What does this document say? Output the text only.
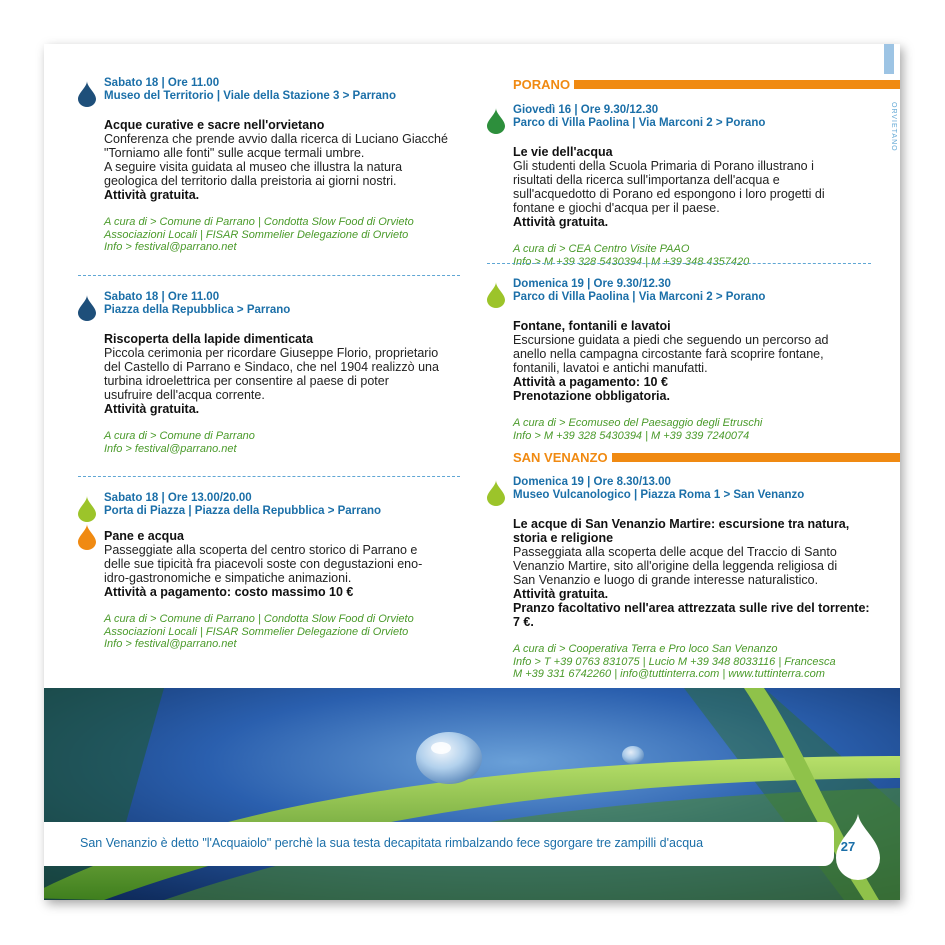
ORVIETANO
Sabato 18 | Ore 11.00
Museo del Territorio | Viale della Stazione 3 > Parrano
Acque curative e sacre nell'orvietano
Conferenza che prende avvio dalla ricerca di Luciano Giacché
"Torniamo alle fonti" sulle acque termali umbre.
A seguire visita guidata al museo che illustra la natura
geologica del territorio dalla preistoria ai giorni nostri.
Attività gratuita.
A cura di > Comune di Parrano | Condotta Slow Food di Orvieto
Associazioni Locali | FISAR Sommelier Delegazione di Orvieto
Info > festival@parrano.net
Sabato 18 | Ore 11.00
Piazza della Repubblica > Parrano
Riscoperta della lapide dimenticata
Piccola cerimonia per ricordare Giuseppe Florio, proprietario
del Castello di Parrano e Sindaco, che nel 1904 realizzò una
turbina idroelettrica per consentire al paese di poter
usufruire dell'acqua corrente.
Attività gratuita.
A cura di > Comune di Parrano
Info > festival@parrano.net
Sabato 18 | Ore 13.00/20.00
Porta di Piazza | Piazza della Repubblica > Parrano
Pane e acqua
Passeggiate alla scoperta del centro storico di Parrano e
delle sue tipicità fra piacevoli soste con degustazioni eno-
idro-gastronomiche e simpatiche animazioni.
Attività a pagamento: costo massimo 10 €
A cura di > Comune di Parrano | Condotta Slow Food di Orvieto
Associazioni Locali | FISAR Sommelier Delegazione di Orvieto
Info > festival@parrano.net
PORANO
Giovedì 16 | Ore 9.30/12.30
Parco di Villa Paolina | Via Marconi 2 > Porano
Le vie dell'acqua
Gli studenti della Scuola Primaria di Porano illustrano i
risultati della ricerca sull'importanza dell'acqua e
sull'acquedotto di Porano ed espongono i loro progetti di
fontane e giochi d'acqua per il paese.
Attività gratuita.
A cura di > CEA Centro Visite PAAO
Info > M +39 328 5430394 | M +39 348 4357420
Domenica 19 | Ore 9.30/12.30
Parco di Villa Paolina | Via Marconi 2 > Porano
Fontane, fontanili e lavatoi
Escursione guidata a piedi che seguendo un percorso ad
anello nella campagna circostante farà scoprire fontane,
fontanili, lavatoi e antichi manufatti.
Attività a pagamento: 10 €
Prenotazione obbligatoria.
A cura di > Ecomuseo del Paesaggio degli Etruschi
Info > M +39 328 5430394 | M +39 339 7240074
SAN VENANZO
Domenica 19 | Ore 8.30/13.00
Museo Vulcanologico | Piazza Roma 1 > San Venanzo
Le acque di San Venanzio Martire: escursione tra natura, storia e religione
Passeggiata alla scoperta delle acque del Traccio di Santo
Venanzio Martire, sito all'origine della leggenda religiosa di
San Venanzio e luogo di grande interesse naturalistico.
Attività gratuita.
Pranzo facoltativo nell'area attrezzata sulle rive del torrente:
7 €.
A cura di > Cooperativa Terra e Pro loco San Venanzo
Info > T +39 0763 831075 | Lucio M +39 348 8033116 | Francesca
M +39 331 6742260 | info@tuttinterra.com | www.tuttinterra.com
San Venanzio è detto "l'Acquaiolo" perchè la sua testa decapitata rimbalzando fece sgorgare tre zampilli d'acqua	27
